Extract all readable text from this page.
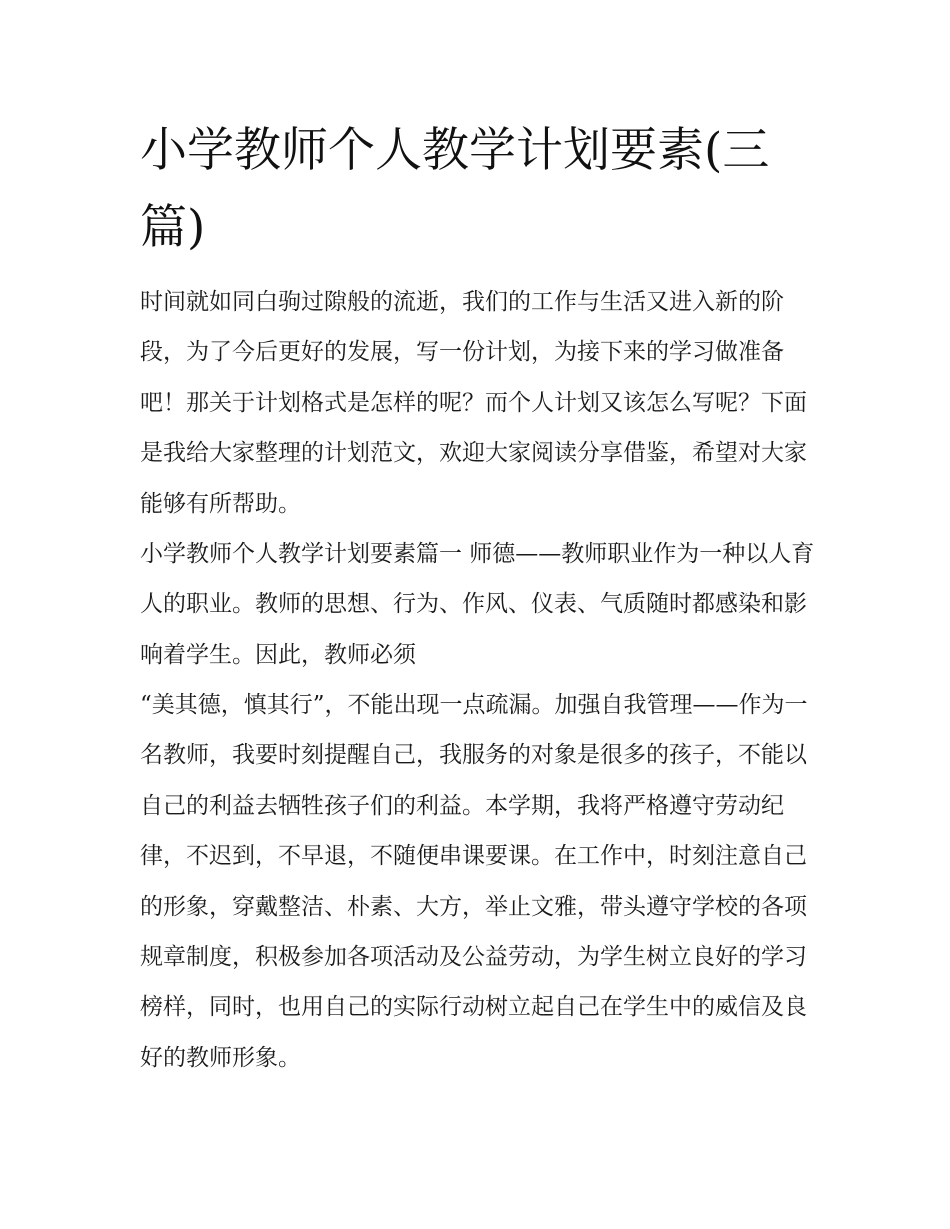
小学教师个人教学计划要素(三篇)

时间就如同白驹过隙般的流逝，我们的工作与生活又进入新的阶段，为了今后更好的发展，写一份计划，为接下来的学习做准备吧！那关于计划格式是怎样的呢？而个人计划又该怎么写呢？下面是我给大家整理的计划范文，欢迎大家阅读分享借鉴，希望对大家能够有所帮助。

小学教师个人教学计划要素篇一 师德——教师职业作为一种以人育人的职业。教师的思想、行为、作风、仪表、气质随时都感染和影响着学生。因此，教师必须

“美其德，慎其行”，不能出现一点疏漏。加强自我管理——作为一名教师，我要时刻提醒自己，我服务的对象是很多的孩子，不能以自己的利益去牺牲孩子们的利益。本学期，我将严格遵守劳动纪律，不迟到，不早退，不随便串课要课。在工作中，时刻注意自己的形象，穿戴整洁、朴素、大方，举止文雅，带头遵守学校的各项规章制度，积极参加各项活动及公益劳动，为学生树立良好的学习榜样，同时，也用自己的实际行动树立起自己在学生中的威信及良好的教师形象。
